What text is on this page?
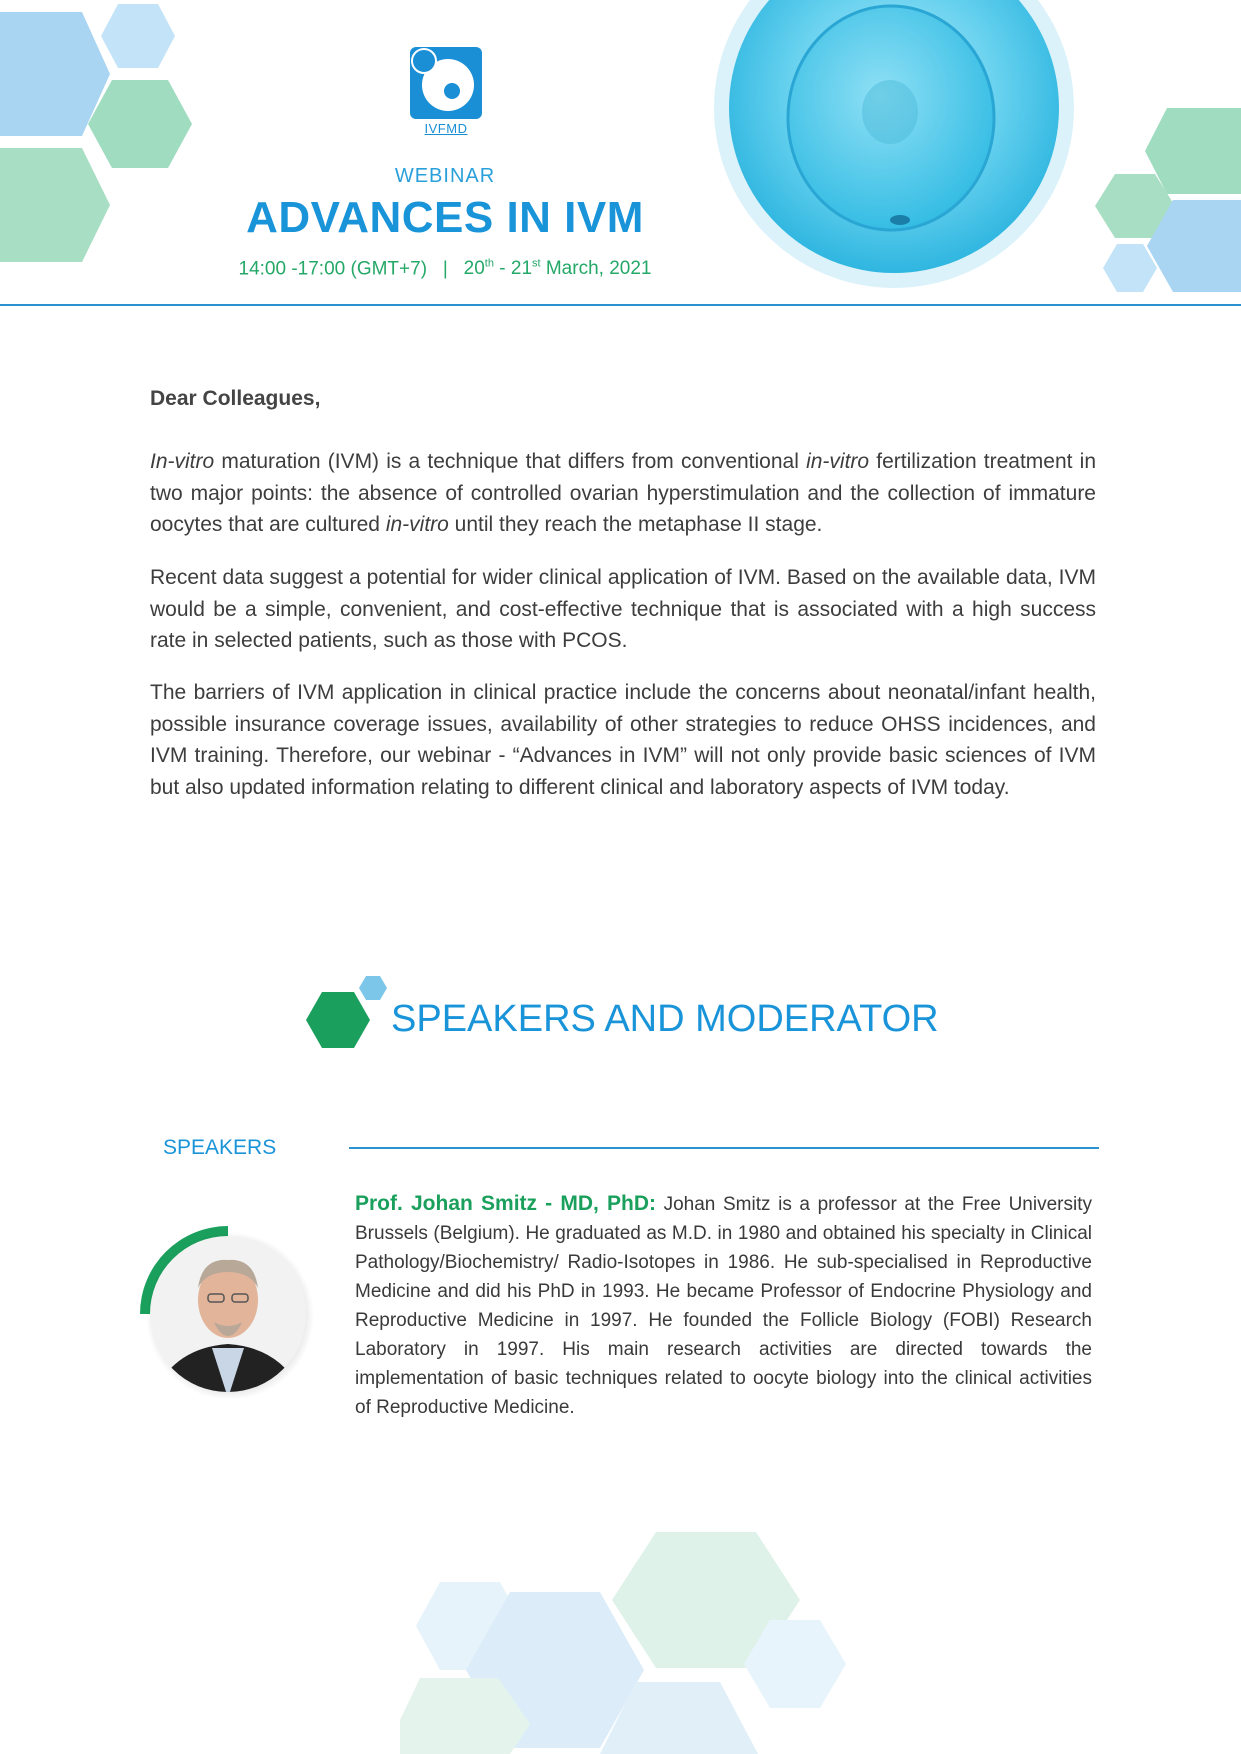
IVFMD
WEBINAR
ADVANCES IN IVM
14:00 -17:00 (GMT+7) | 20th - 21st March, 2021
Dear Colleagues,
In-vitro maturation (IVM) is a technique that differs from conventional in-vitro fertilization treatment in two major points: the absence of controlled ovarian hyperstimulation and the collection of immature oocytes that are cultured in-vitro until they reach the metaphase II stage.
Recent data suggest a potential for wider clinical application of IVM. Based on the available data, IVM would be a simple, convenient, and cost-effective technique that is associated with a high success rate in selected patients, such as those with PCOS.
The barriers of IVM application in clinical practice include the concerns about neonatal/infant health, possible insurance coverage issues, availability of other strategies to reduce OHSS incidences, and IVM training. Therefore, our webinar - “Advances in IVM” will not only provide basic sciences of IVM but also updated information relating to different clinical and laboratory aspects of IVM today.
SPEAKERS AND MODERATOR
SPEAKERS
Prof. Johan Smitz - MD, PhD: Johan Smitz is a professor at the Free University Brussels (Belgium). He graduated as M.D. in 1980 and obtained his specialty in Clinical Pathology/Biochemistry/ Radio-Isotopes in 1986. He sub-specialised in Reproductive Medicine and did his PhD in 1993. He became Professor of Endocrine Physiology and Reproductive Medicine in 1997. He founded the Follicle Biology (FOBI) Research Laboratory in 1997. His main research activities are directed towards the implementation of basic techniques related to oocyte biology into the clinical activities of Reproductive Medicine.
